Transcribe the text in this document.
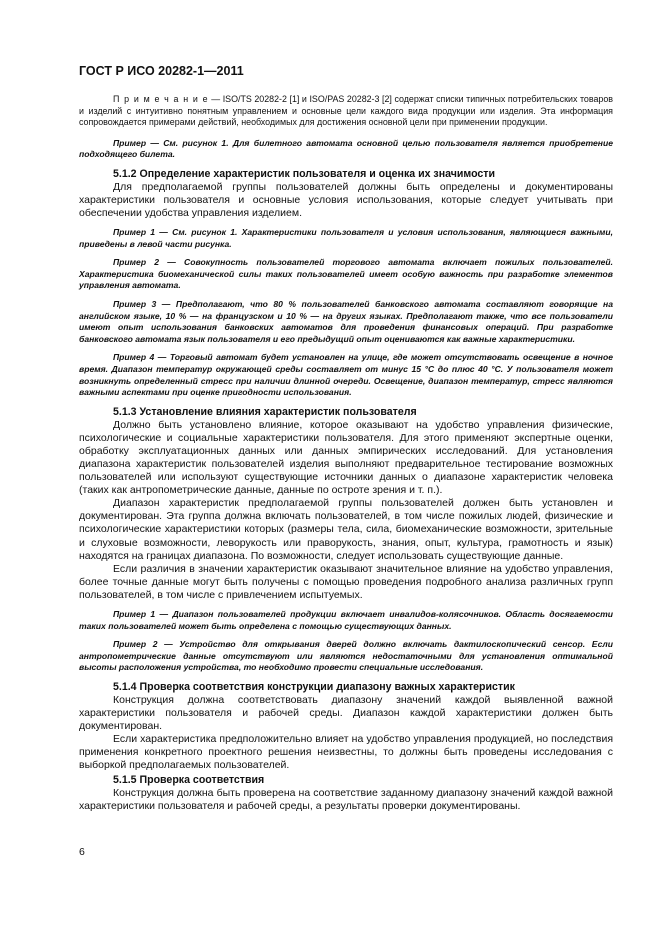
ГОСТ Р ИСО 20282-1—2011

П р и м е ч а н и е — ISO/TS 20282-2 [1] и ISO/PAS 20282-3 [2] содержат списки типичных потребительских товаров и изделий с интуитивно понятным управлением и основные цели каждого вида продукции или изделия. Эта информация сопровождается примерами действий, необходимых для достижения основной цели при применении продукции.

Пример — См. рисунок 1. Для билетного автомата основной целью пользователя является приобретение подходящего билета.

5.1.2 Определение характеристик пользователя и оценка их значимости

Для предполагаемой группы пользователей должны быть определены и документированы характеристики пользователя и основные условия использования, которые следует учитывать при обеспечении удобства управления изделием.

Пример 1 — См. рисунок 1. Характеристики пользователя и условия использования, являющиеся важными, приведены в левой части рисунка.

Пример 2 — Совокупность пользователей торгового автомата включает пожилых пользователей. Характеристика биомеханической силы таких пользователей имеет особую важность при разработке элементов управления автомата.

Пример 3 — Предполагают, что 80 % пользователей банковского автомата составляют говорящие на английском языке, 10 % — на французском и 10 % — на других языках. Предполагают также, что все пользователи имеют опыт использования банковских автоматов для проведения финансовых операций. При разработке банковского автомата язык пользователя и его предыдущий опыт оцениваются как важные характеристики.

Пример 4 — Торговый автомат будет установлен на улице, где может отсутствовать освещение в ночное время. Диапазон температур окружающей среды составляет от минус 15 °С до плюс 40 °С. У пользователя может возникнуть определенный стресс при наличии длинной очереди. Освещение, диапазон температур, стресс являются важными аспектами при оценке пригодности использования.

5.1.3 Установление влияния характеристик пользователя

Должно быть установлено влияние, которое оказывают на удобство управления физические, психологические и социальные характеристики пользователя. Для этого применяют экспертные оценки, обработку эксплуатационных данных или данных эмпирических исследований. Для установления диапазона характеристик пользователей изделия выполняют предварительное тестирование возможных пользователей или используют существующие источники данных о диапазоне характеристик человека (таких как антропометрические данные, данные по остроте зрения и т. п.).

Диапазон характеристик предполагаемой группы пользователей должен быть установлен и документирован. Эта группа должна включать пользователей, в том числе пожилых людей, физические и психологические характеристики которых (размеры тела, сила, биомеханические возможности, зрительные и слуховые возможности, леворукость или праворукость, знания, опыт, культура, грамотность и язык) находятся на границах диапазона. По возможности, следует использовать существующие данные.

Если различия в значении характеристик оказывают значительное влияние на удобство управления, более точные данные могут быть получены с помощью проведения подробного анализа различных групп пользователей, в том числе с привлечением испытуемых.

Пример 1 — Диапазон пользователей продукции включает инвалидов-колясочников. Область досягаемости таких пользователей может быть определена с помощью существующих данных.

Пример 2 — Устройство для открывания дверей должно включать дактилоскопический сенсор. Если антропометрические данные отсутствуют или являются недостаточными для установления оптимальной высоты расположения устройства, то необходимо провести специальные исследования.

5.1.4 Проверка соответствия конструкции диапазону важных характеристик

Конструкция должна соответствовать диапазону значений каждой выявленной важной характеристики пользователя и рабочей среды. Диапазон каждой характеристики должен быть документирован.

Если характеристика предположительно влияет на удобство управления продукцией, но последствия применения конкретного проектного решения неизвестны, то должны быть проведены исследования с выборкой предполагаемых пользователей.

5.1.5 Проверка соответствия

Конструкция должна быть проверена на соответствие заданному диапазону значений каждой важной характеристики пользователя и рабочей среды, а результаты проверки документированы.

6
